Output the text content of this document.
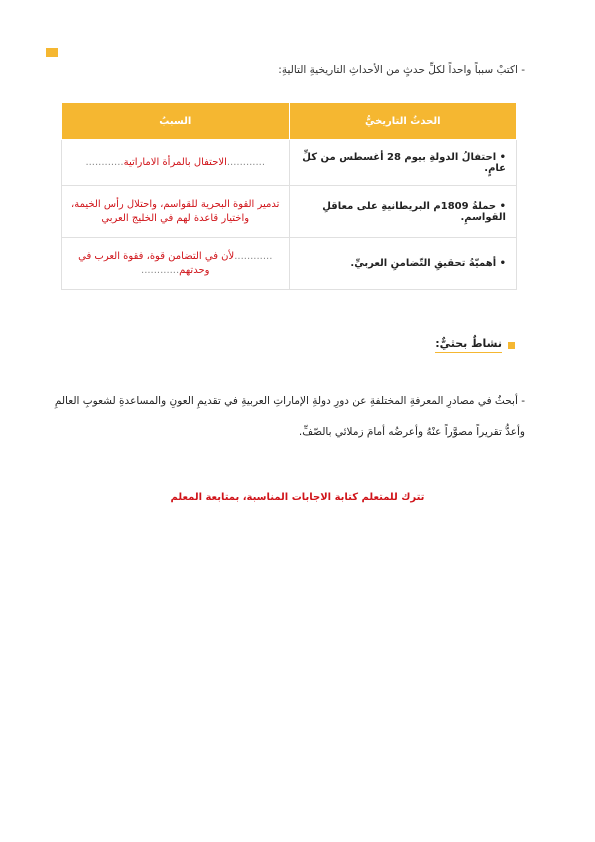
- اكتبْ سبباً واحداً لكلِّ حدثٍ من الأحداثِ التاريخيةِ التاليةِ:
الحدثُ التاريخيُّ	السببُ
• احتفالُ الدولةِ بيوم 28 أغسطس من كلِّ عامٍ.	............الاحتفال بالمرأة الاماراتية............
• حملةُ 1809م البريطانيةِ على معاقلِ القواسمِ.	تدمير القوة البحرية للقواسم، واحتلال رأس الخيمة، واختيار قاعدة لهم في الخليج العربي
• أهميّةُ تحقيقِ التّضامنِ العربيِّ.	............لأن في التضامن قوة، فقوة العرب في وحدتهم............
نشاطٌ بحثيٌّ:
- أبحثُ في مصادرِ المعرفةِ المختلفةِ عن دورِ دولةِ الإماراتِ العربيةِ في تقديمِ العونِ والمساعدةِ لشعوبِ العالمِ
وأعدُّ تقريراً مصوَّراً عنْهُ وأعرضُه أمامَ زملائي بالصّفِّ.
تترك للمتعلم كتابة الاجابات المناسبة، بمتابعة المعلم
